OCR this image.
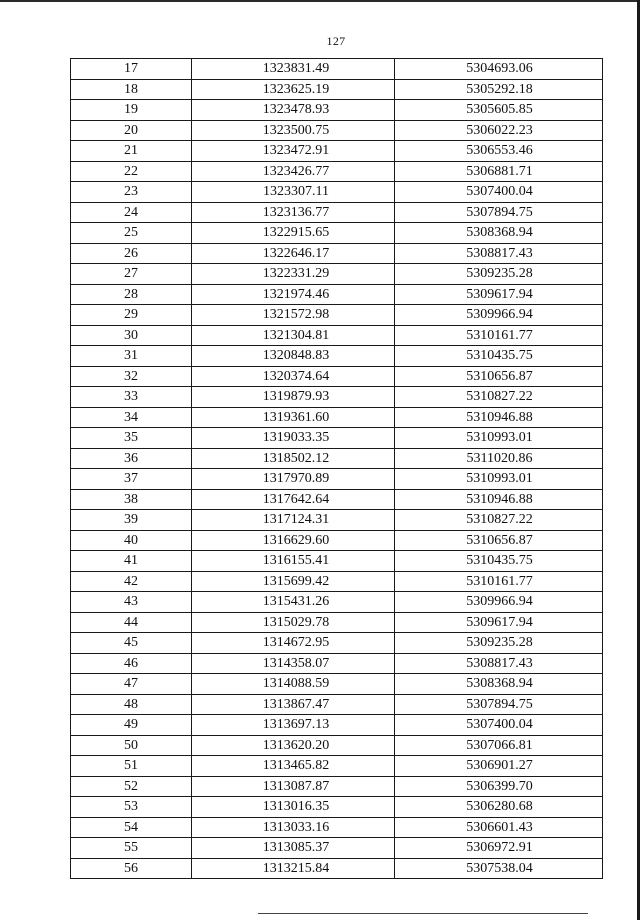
127
17	1323831.49	5304693.06
18	1323625.19	5305292.18
19	1323478.93	5305605.85
20	1323500.75	5306022.23
21	1323472.91	5306553.46
22	1323426.77	5306881.71
23	1323307.11	5307400.04
24	1323136.77	5307894.75
25	1322915.65	5308368.94
26	1322646.17	5308817.43
27	1322331.29	5309235.28
28	1321974.46	5309617.94
29	1321572.98	5309966.94
30	1321304.81	5310161.77
31	1320848.83	5310435.75
32	1320374.64	5310656.87
33	1319879.93	5310827.22
34	1319361.60	5310946.88
35	1319033.35	5310993.01
36	1318502.12	5311020.86
37	1317970.89	5310993.01
38	1317642.64	5310946.88
39	1317124.31	5310827.22
40	1316629.60	5310656.87
41	1316155.41	5310435.75
42	1315699.42	5310161.77
43	1315431.26	5309966.94
44	1315029.78	5309617.94
45	1314672.95	5309235.28
46	1314358.07	5308817.43
47	1314088.59	5308368.94
48	1313867.47	5307894.75
49	1313697.13	5307400.04
50	1313620.20	5307066.81
51	1313465.82	5306901.27
52	1313087.87	5306399.70
53	1313016.35	5306280.68
54	1313033.16	5306601.43
55	1313085.37	5306972.91
56	1313215.84	5307538.04
